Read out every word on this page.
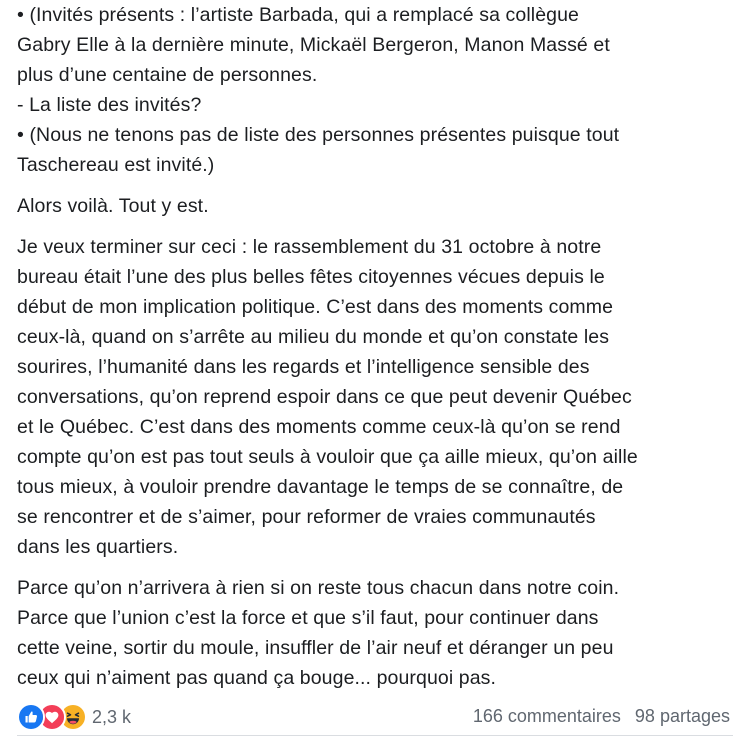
• (Invités présents : l’artiste Barbada, qui a remplacé sa collègue
Gabry Elle à la dernière minute, Mickaël Bergeron, Manon Massé et
plus d’une centaine de personnes.
- La liste des invités?
• (Nous ne tenons pas de liste des personnes présentes puisque tout
Taschereau est invité.)
Alors voilà. Tout y est.
Je veux terminer sur ceci : le rassemblement du 31 octobre à notre
bureau était l’une des plus belles fêtes citoyennes vécues depuis le
début de mon implication politique. C’est dans des moments comme
ceux-là, quand on s’arrête au milieu du monde et qu’on constate les
sourires, l’humanité dans les regards et l’intelligence sensible des
conversations, qu’on reprend espoir dans ce que peut devenir Québec
et le Québec. C’est dans des moments comme ceux-là qu’on se rend
compte qu’on est pas tout seuls à vouloir que ça aille mieux, qu’on aille
tous mieux, à vouloir prendre davantage le temps de se connaître, de
se rencontrer et de s’aimer, pour reformer de vraies communautés
dans les quartiers.
Parce qu’on n’arrivera à rien si on reste tous chacun dans notre coin.
Parce que l’union c’est la force et que s’il faut, pour continuer dans
cette veine, sortir du moule, insuffler de l’air neuf et déranger un peu
ceux qui n’aiment pas quand ça bouge... pourquoi pas.
2,3 k	166 commentaires 98 partages
